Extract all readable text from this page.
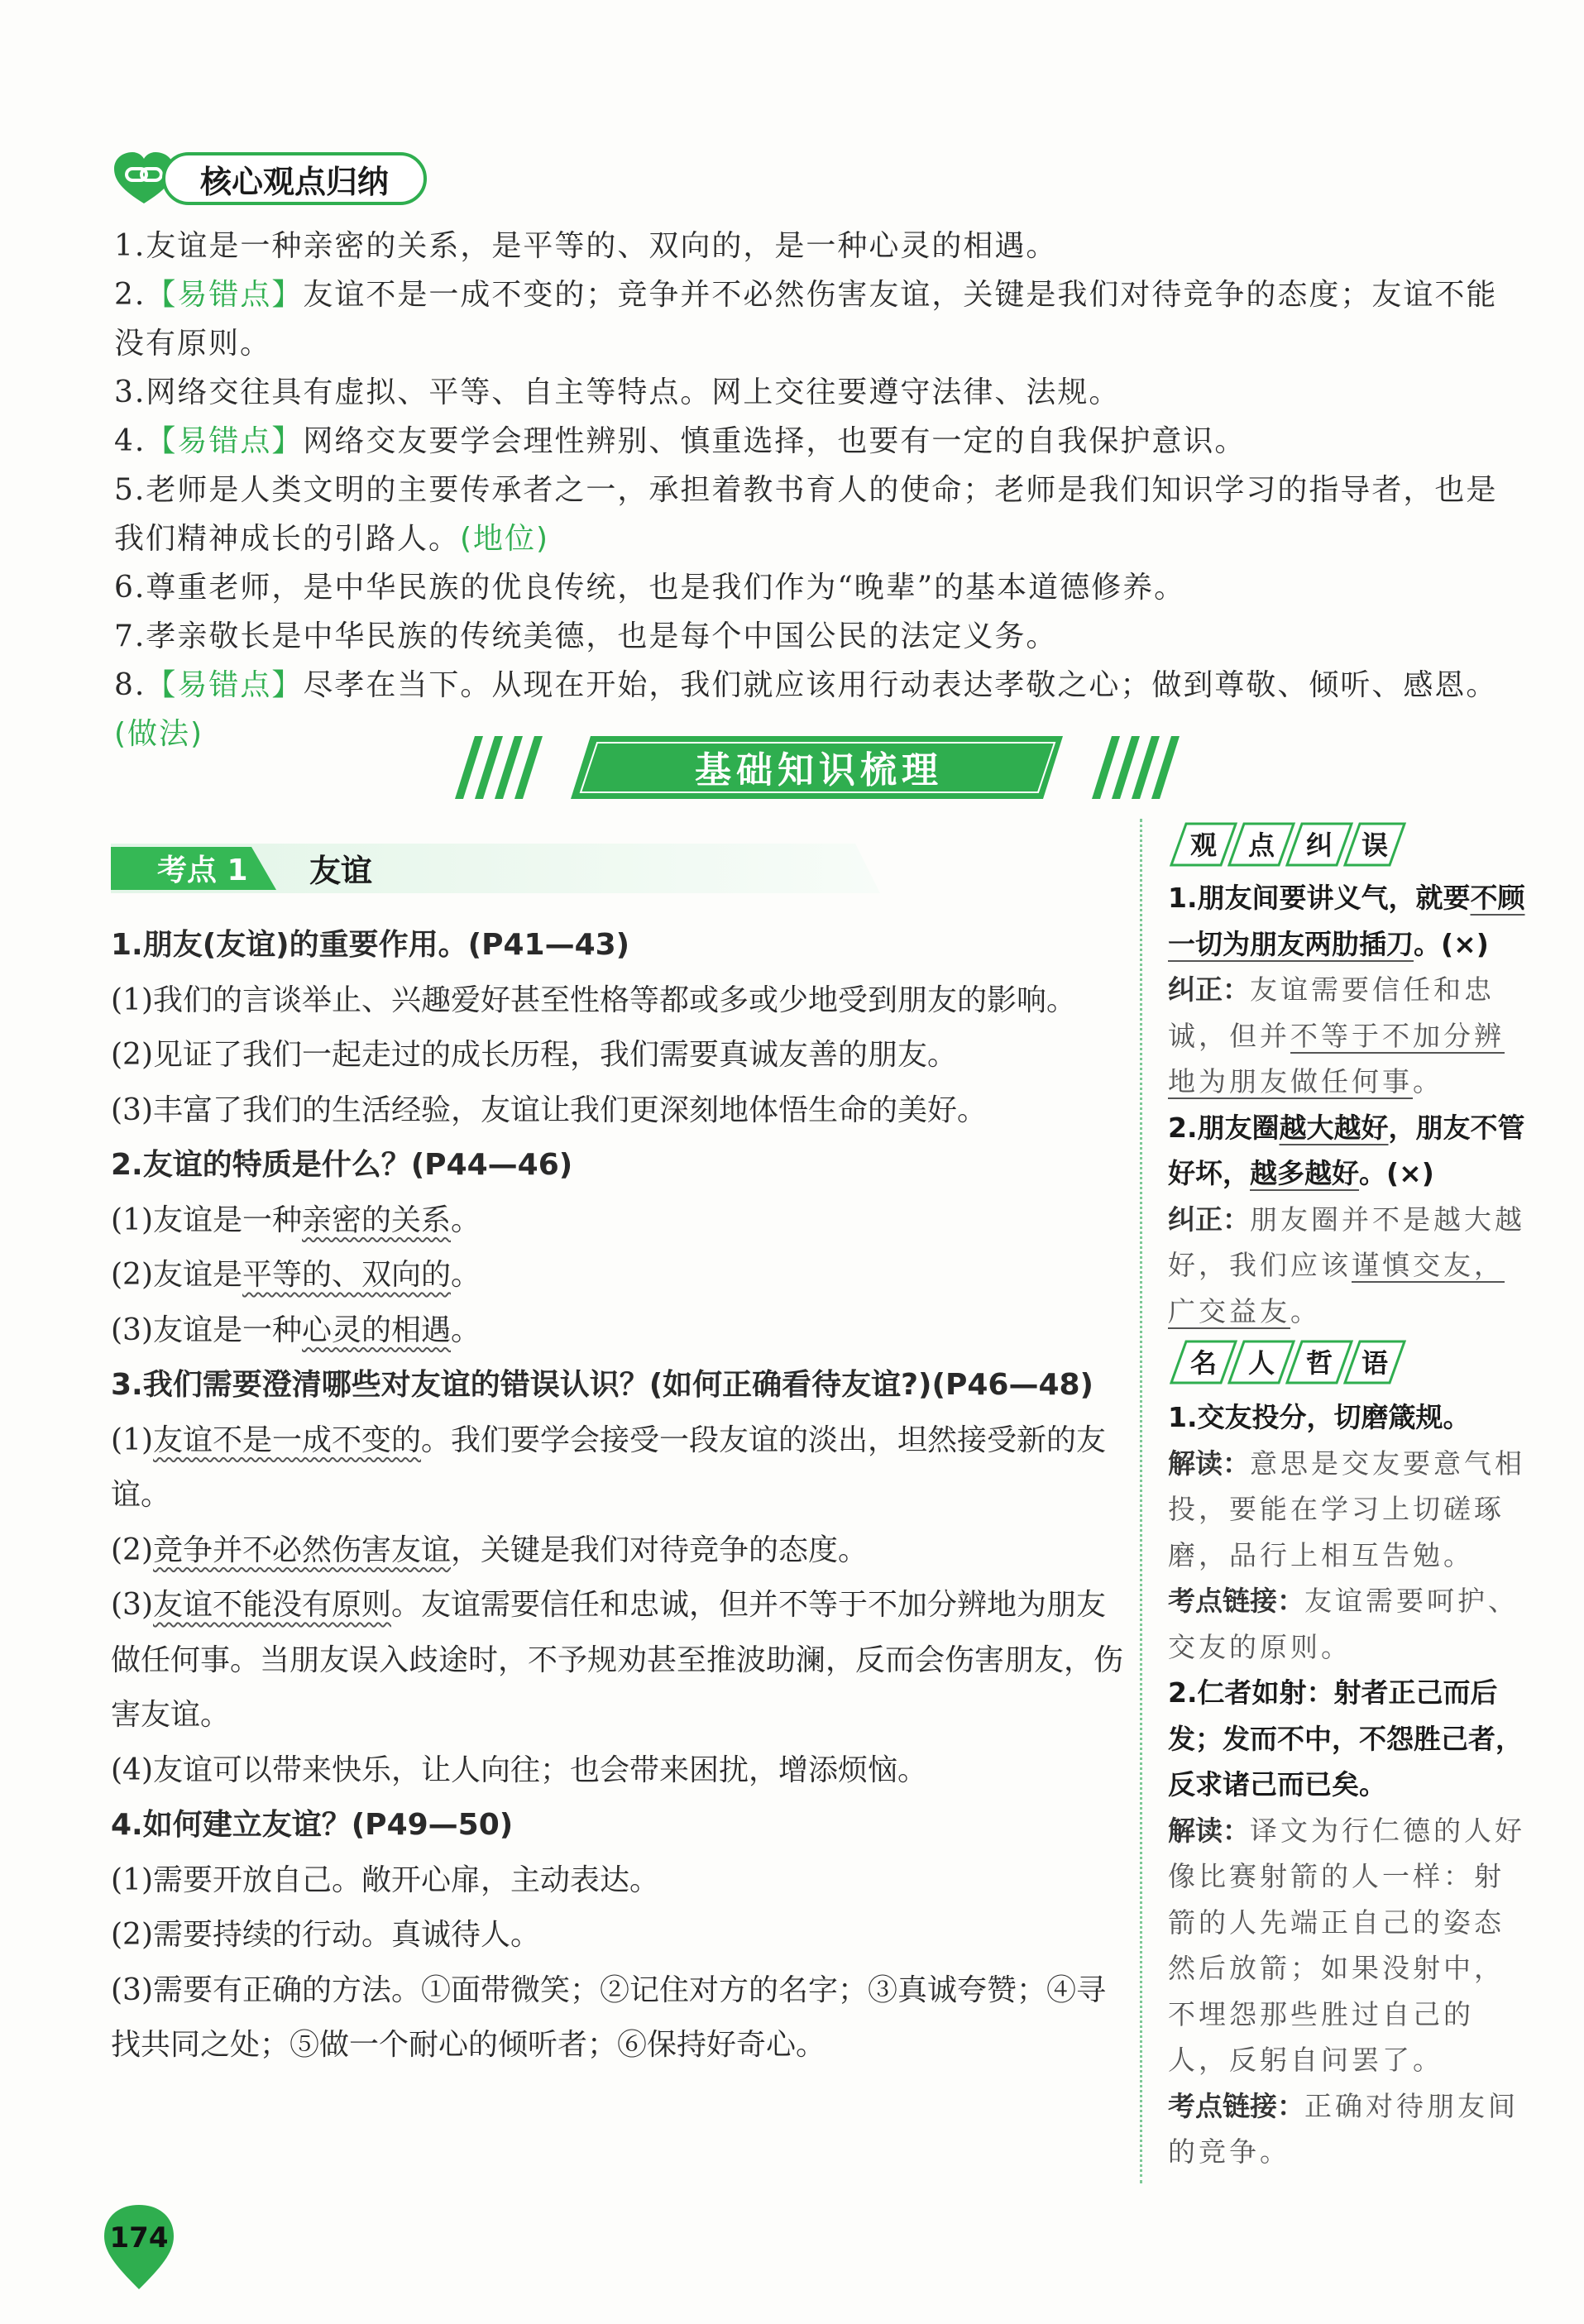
核心观点归纳

1.友谊是一种亲密的关系，是平等的、双向的，是一种心灵的相遇。

2.【易错点】友谊不是一成不变的；竞争并不必然伤害友谊，关键是我们对待竞争的态度；友谊不能没有原则。

3.网络交往具有虚拟、平等、自主等特点。网上交往要遵守法律、法规。

4.【易错点】网络交友要学会理性辨别、慎重选择，也要有一定的自我保护意识。

5.老师是人类文明的主要传承者之一，承担着教书育人的使命；老师是我们知识学习的指导者，也是我们精神成长的引路人。(地位)

6.尊重老师，是中华民族的优良传统，也是我们作为“晚辈”的基本道德修养。

7.孝亲敬长是中华民族的传统美德，也是每个中国公民的法定义务。

8.【易错点】尽孝在当下。从现在开始，我们就应该用行动表达孝敬之心；做到尊敬、倾听、感恩。(做法)

基础知识梳理
考点 1 友谊

1.朋友(友谊)的重要作用。(P41—43)

(1)我们的言谈举止、兴趣爱好甚至性格等都或多或少地受到朋友的影响。

(2)见证了我们一起走过的成长历程，我们需要真诚友善的朋友。

(3)丰富了我们的生活经验，友谊让我们更深刻地体悟生命的美好。

2.友谊的特质是什么？(P44—46)

(1)友谊是一种亲密的关系。

(2)友谊是平等的、双向的。

(3)友谊是一种心灵的相遇。

3.我们需要澄清哪些对友谊的错误认识？(如何正确看待友谊?)(P46—48)

(1)友谊不是一成不变的。我们要学会接受一段友谊的淡出，坦然接受新的友谊。

(2)竞争并不必然伤害友谊，关键是我们对待竞争的态度。

(3)友谊不能没有原则。友谊需要信任和忠诚，但并不等于不加分辨地为朋友做任何事。当朋友误入歧途时，不予规劝甚至推波助澜，反而会伤害朋友，伤害友谊。

(4)友谊可以带来快乐，让人向往；也会带来困扰，增添烦恼。

4.如何建立友谊？(P49—50)

(1)需要开放自己。敞开心扉，主动表达。

(2)需要持续的行动。真诚待人。

(3)需要有正确的方法。①面带微笑；②记住对方的名字；③真诚夸赞；④寻找共同之处；⑤做一个耐心的倾听者；⑥保持好奇心。

观 点 纠 误

1.朋友间要讲义气，就要不顾一切为朋友两肋插刀。(×)

纠正：友谊需要信任和忠诚，但并不等于不加分辨地为朋友做任何事。

2.朋友圈越大越好，朋友不管好坏，越多越好。(×)

纠正：朋友圈并不是越大越好，我们应该谨慎交友，广交益友。

名 人 哲 语

1.交友投分，切磨箴规。

解读：意思是交友要意气相投，要能在学习上切磋琢磨，品行上相互告勉。

考点链接：友谊需要呵护、交友的原则。

2.仁者如射：射者正己而后发；发而不中，不怨胜己者，反求诸己而已矣。

解读：译文为行仁德的人好像比赛射箭的人一样：射箭的人先端正自己的姿态然后放箭；如果没射中，不埋怨那些胜过自己的人，反躬自问罢了。

考点链接：正确对待朋友间的竞争。

174
